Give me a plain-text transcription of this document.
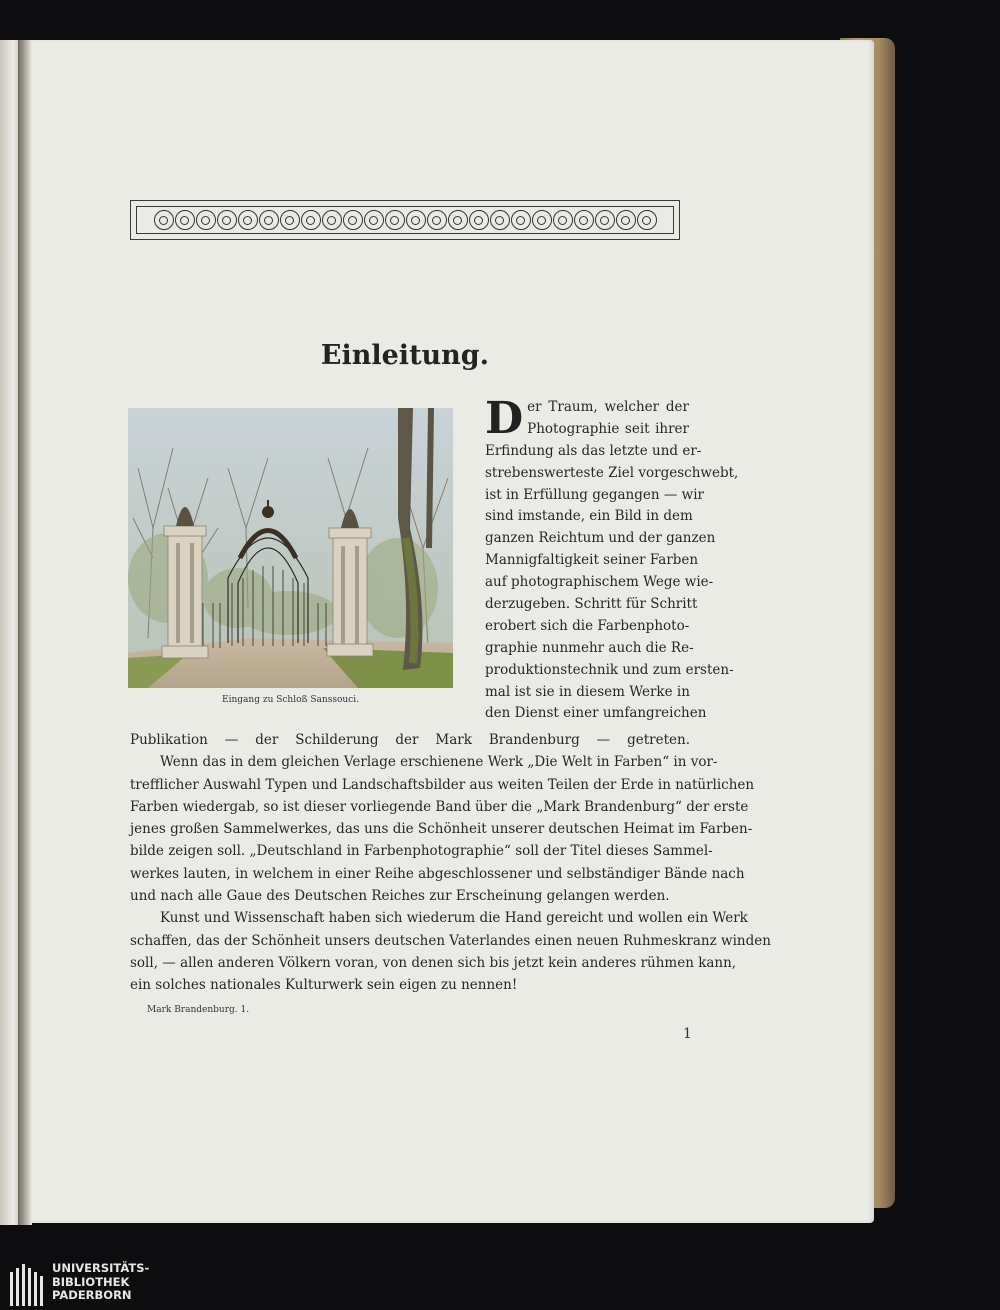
Einleitung.
Eingang zu Schloß Sanssouci.
D er Traum, welcher der
Photographie seit ihrer
Erfindung als das letzte und er-
strebenswerteste Ziel vorgeschwebt,
ist in Erfüllung gegangen — wir
sind imstande, ein Bild in dem
ganzen Reichtum und der ganzen
Mannigfaltigkeit seiner Farben
auf photographischem Wege wie-
derzugeben. Schritt für Schritt
erobert sich die Farbenphoto-
graphie nunmehr auch die Re-
produktionstechnik und zum ersten-
mal ist sie in diesem Werke in
den Dienst einer umfangreichen
Publikation — der Schilderung der Mark Brandenburg — getreten.
Wenn das in dem gleichen Verlage erschienene Werk „Die Welt in Farben“ in vor-
trefflicher Auswahl Typen und Landschaftsbilder aus weiten Teilen der Erde in natürlichen
Farben wiedergab, so ist dieser vorliegende Band über die „Mark Brandenburg“ der erste
jenes großen Sammelwerkes, das uns die Schönheit unserer deutschen Heimat im Farben-
bilde zeigen soll. „Deutschland in Farbenphotographie“ soll der Titel dieses Sammel-
werkes lauten, in welchem in einer Reihe abgeschlossener und selbständiger Bände nach
und nach alle Gaue des Deutschen Reiches zur Erscheinung gelangen werden.
Kunst und Wissenschaft haben sich wiederum die Hand gereicht und wollen ein Werk
schaffen, das der Schönheit unsers deutschen Vaterlandes einen neuen Ruhmeskranz winden
soll, — allen anderen Völkern voran, von denen sich bis jetzt kein anderes rühmen kann,
ein solches nationales Kulturwerk sein eigen zu nennen!
Mark Brandenburg. 1.
1
UNIVERSITÄTS-
BIBLIOTHEK
PADERBORN
